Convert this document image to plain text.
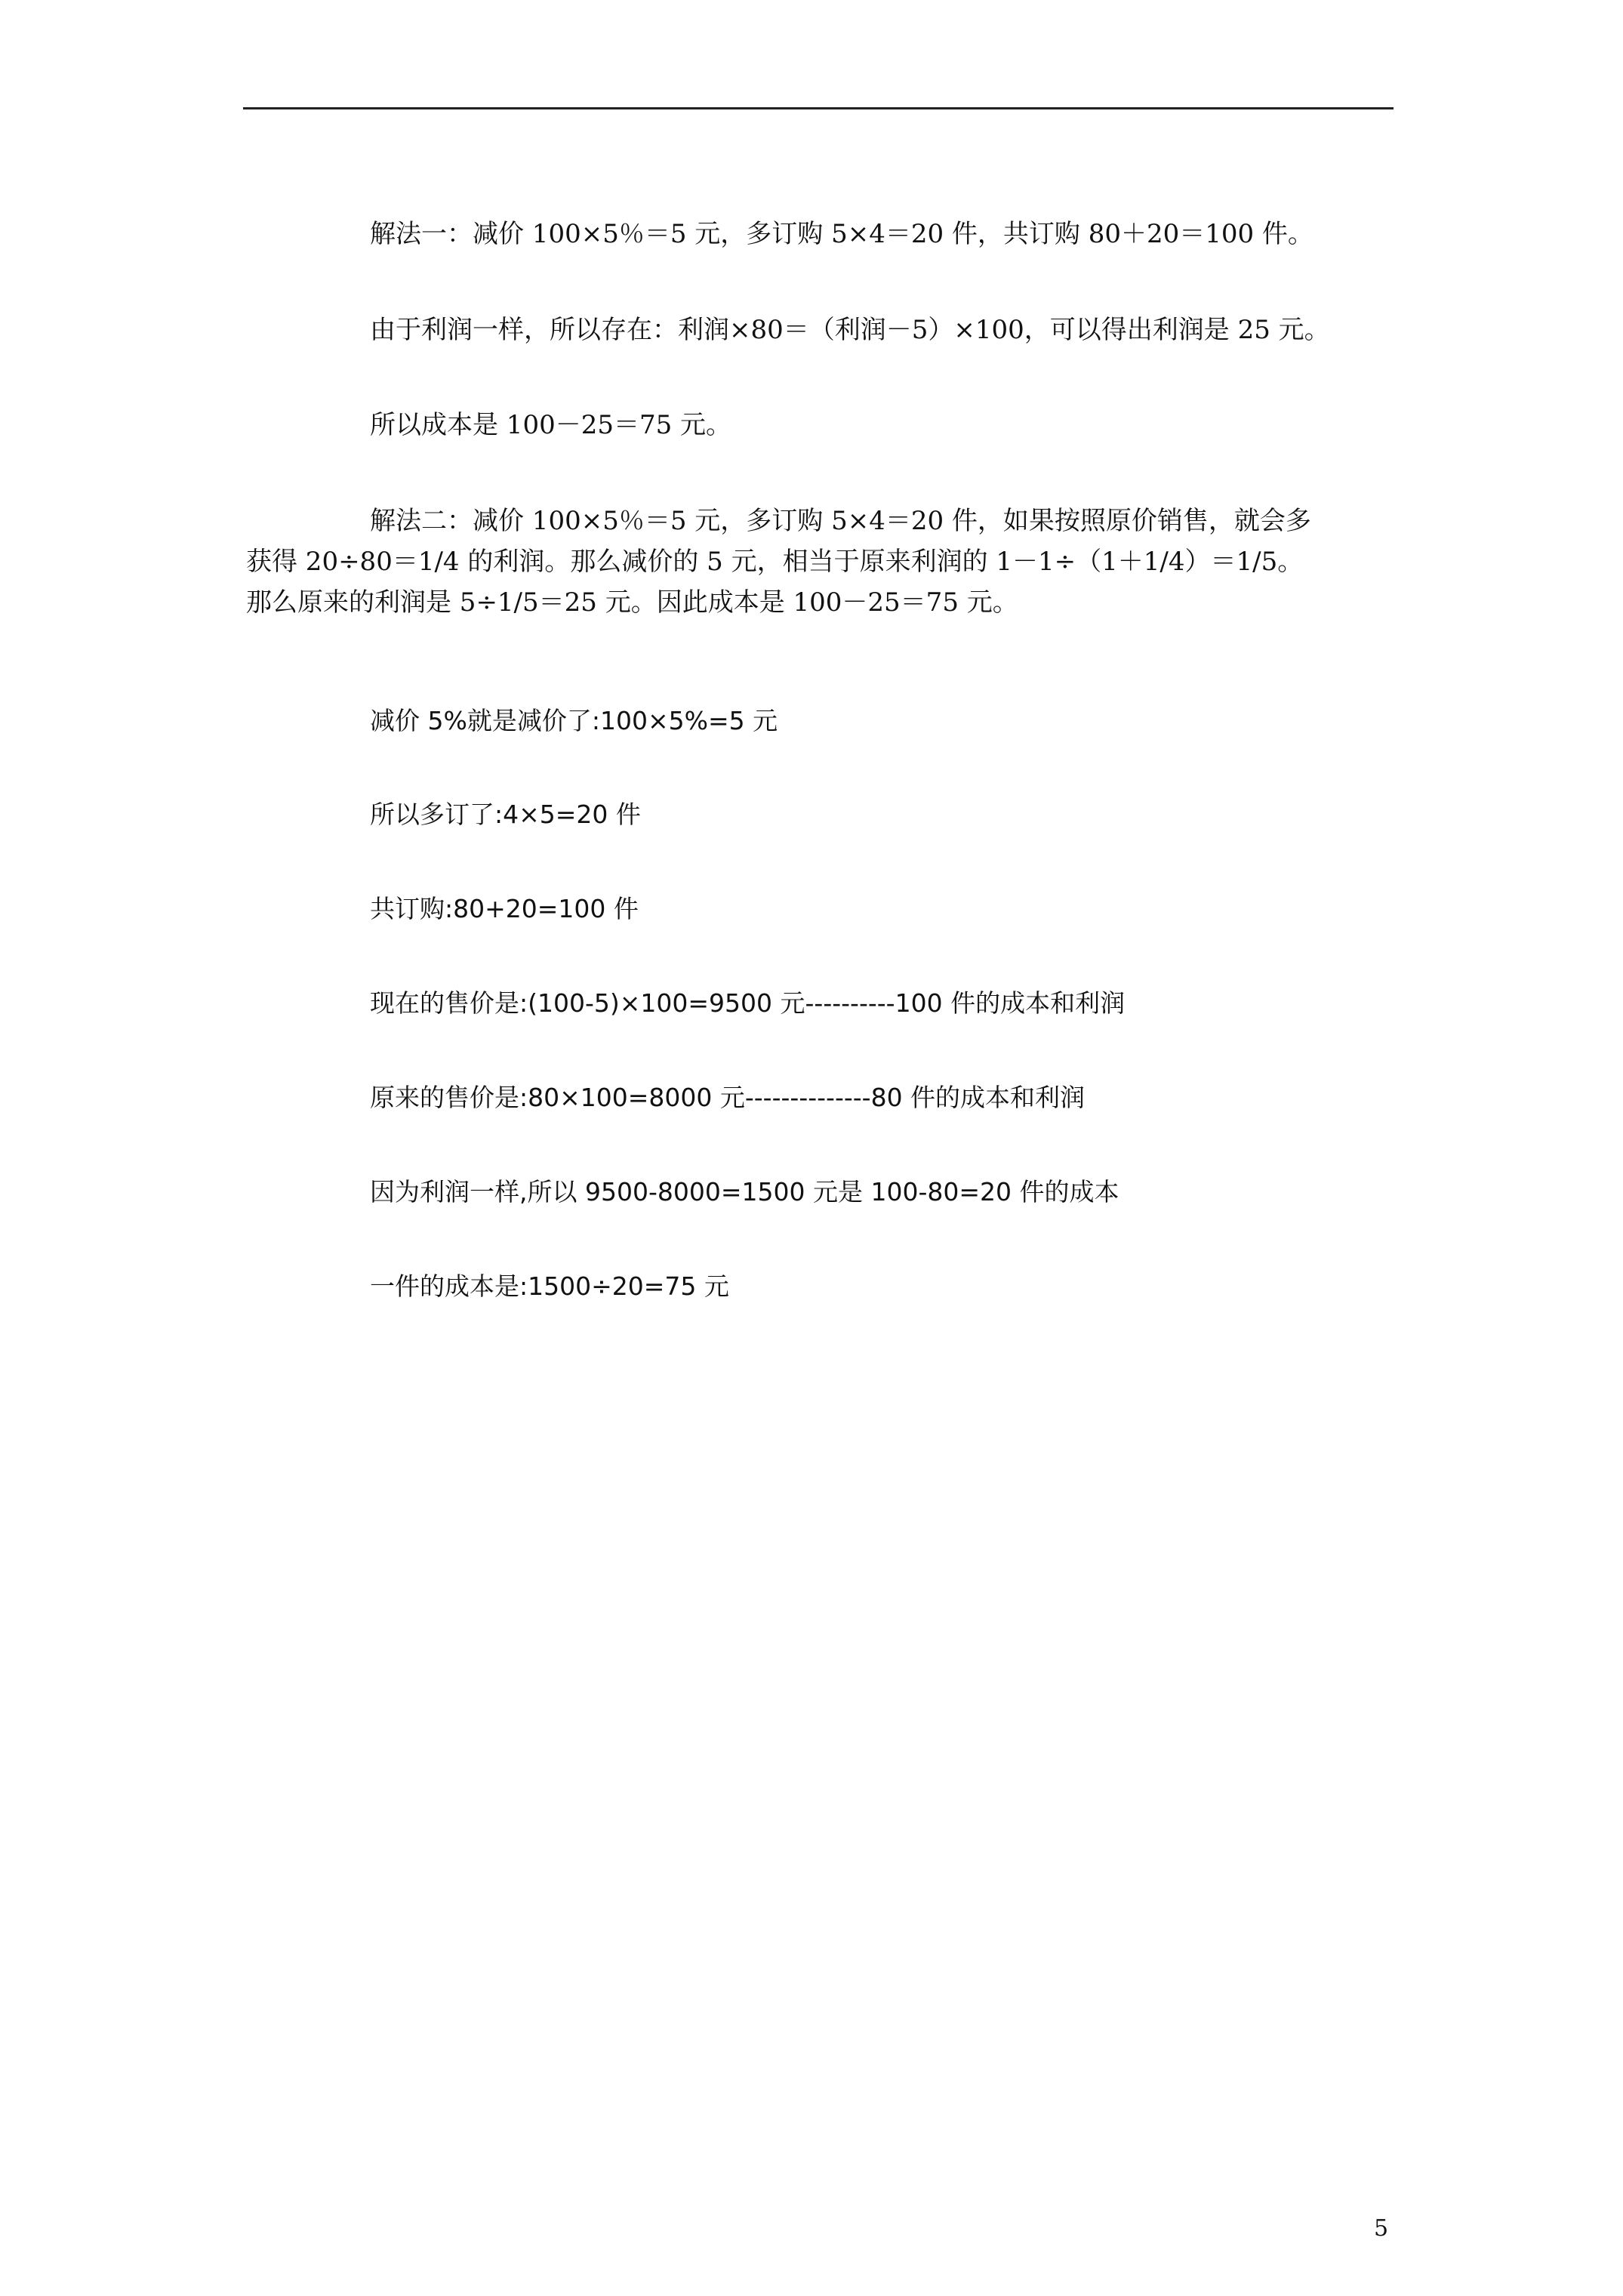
解法一：减价 100×5％＝5 元，多订购 5×4＝20 件，共订购 80＋20＝100 件。
由于利润一样，所以存在：利润×80＝（利润－5）×100，可以得出利润是 25 元。
所以成本是 100－25＝75 元。
解法二：减价 100×5％＝5 元，多订购 5×4＝20 件，如果按照原价销售，就会多
获得 20÷80＝1/4 的利润。那么减价的 5 元，相当于原来利润的 1－1÷（1＋1/4）＝1/5。
那么原来的利润是 5÷1/5＝25 元。因此成本是 100－25＝75 元。
减价 5%就是减价了:100×5%=5 元
所以多订了:4×5=20 件
共订购:80+20=100 件
现在的售价是:(100-5)×100=9500 元----------100 件的成本和利润
原来的售价是:80×100=8000 元--------------80 件的成本和利润
因为利润一样,所以 9500-8000=1500 元是 100-80=20 件的成本
一件的成本是:1500÷20=75 元
5
